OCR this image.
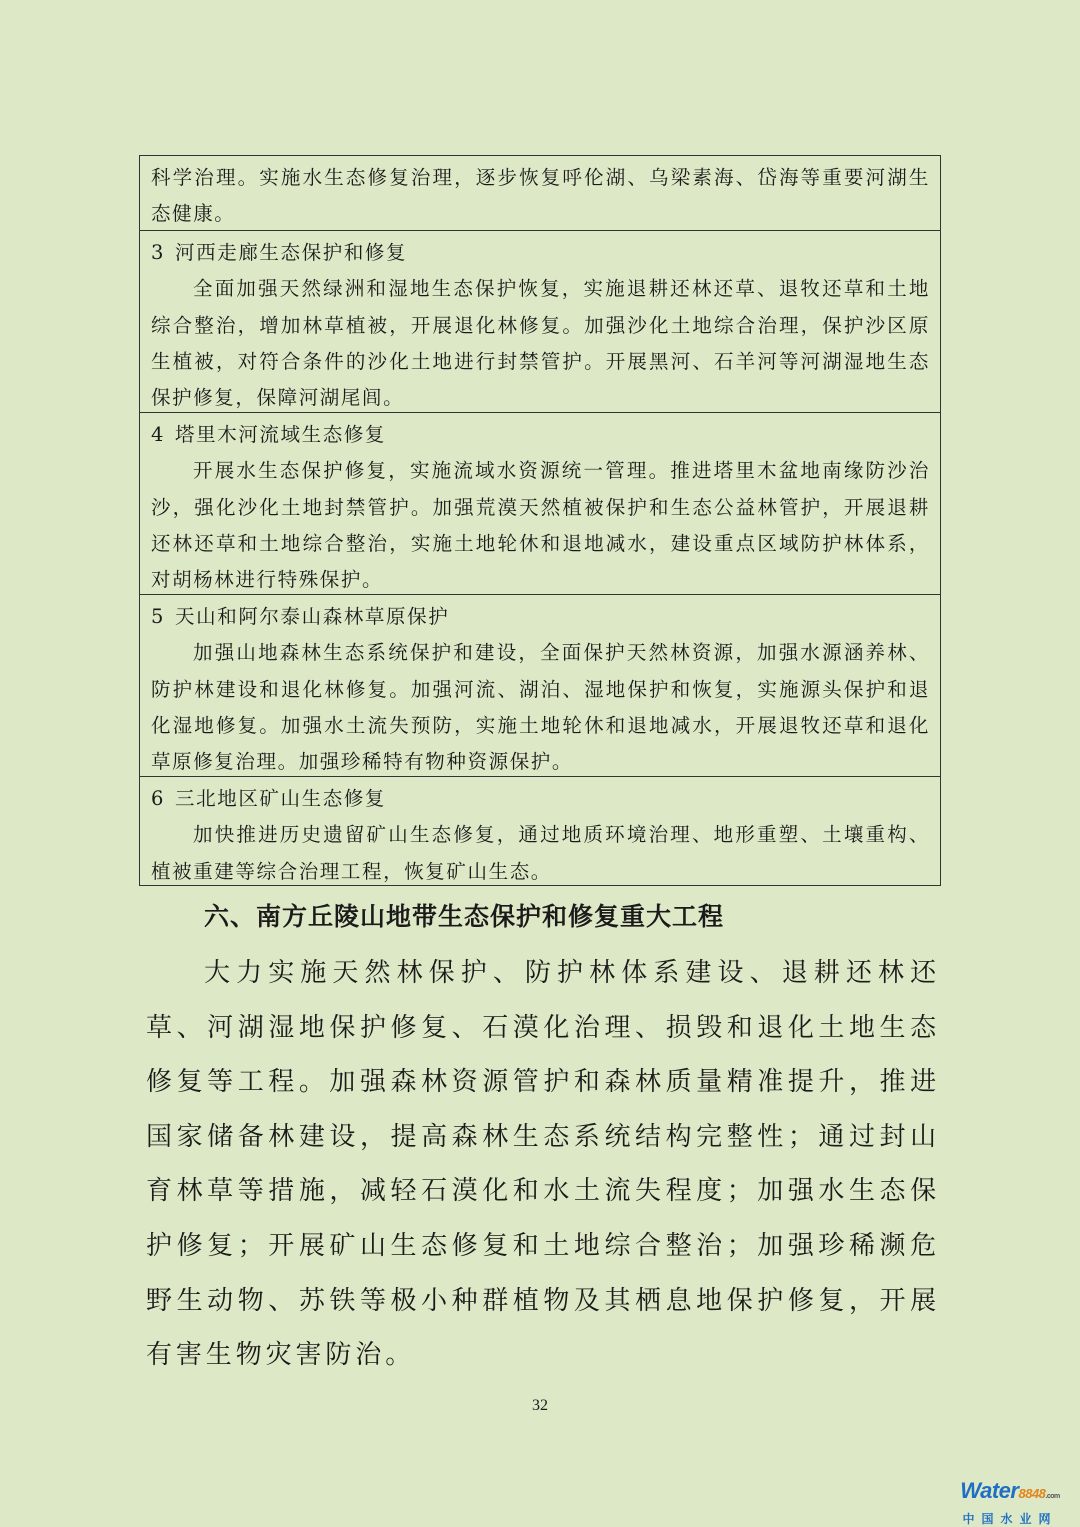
科学治理。实施水生态修复治理，逐步恢复呼伦湖、乌梁素海、岱海等重要河湖生态健康。
3 河西走廊生态保护和修复
全面加强天然绿洲和湿地生态保护恢复，实施退耕还林还草、退牧还草和土地综合整治，增加林草植被，开展退化林修复。加强沙化土地综合治理，保护沙区原生植被，对符合条件的沙化土地进行封禁管护。开展黑河、石羊河等河湖湿地生态保护修复，保障河湖尾闾。
4 塔里木河流域生态修复
开展水生态保护修复，实施流域水资源统一管理。推进塔里木盆地南缘防沙治沙，强化沙化土地封禁管护。加强荒漠天然植被保护和生态公益林管护，开展退耕还林还草和土地综合整治，实施土地轮休和退地减水，建设重点区域防护林体系，对胡杨林进行特殊保护。
5 天山和阿尔泰山森林草原保护
加强山地森林生态系统保护和建设，全面保护天然林资源，加强水源涵养林、防护林建设和退化林修复。加强河流、湖泊、湿地保护和恢复，实施源头保护和退化湿地修复。加强水土流失预防，实施土地轮休和退地减水，开展退牧还草和退化草原修复治理。加强珍稀特有物种资源保护。
6 三北地区矿山生态修复
加快推进历史遗留矿山生态修复，通过地质环境治理、地形重塑、土壤重构、植被重建等综合治理工程，恢复矿山生态。
六、南方丘陵山地带生态保护和修复重大工程
大力实施天然林保护、防护林体系建设、退耕还林还草、河湖湿地保护修复、石漠化治理、损毁和退化土地生态修复等工程。加强森林资源管护和森林质量精准提升，推进国家储备林建设，提高森林生态系统结构完整性；通过封山育林草等措施，减轻石漠化和水土流失程度；加强水生态保护修复；开展矿山生态修复和土地综合整治；加强珍稀濒危野生动物、苏铁等极小种群植物及其栖息地保护修复，开展有害生物灾害防治。
32
Water8848.com
中国水业网
